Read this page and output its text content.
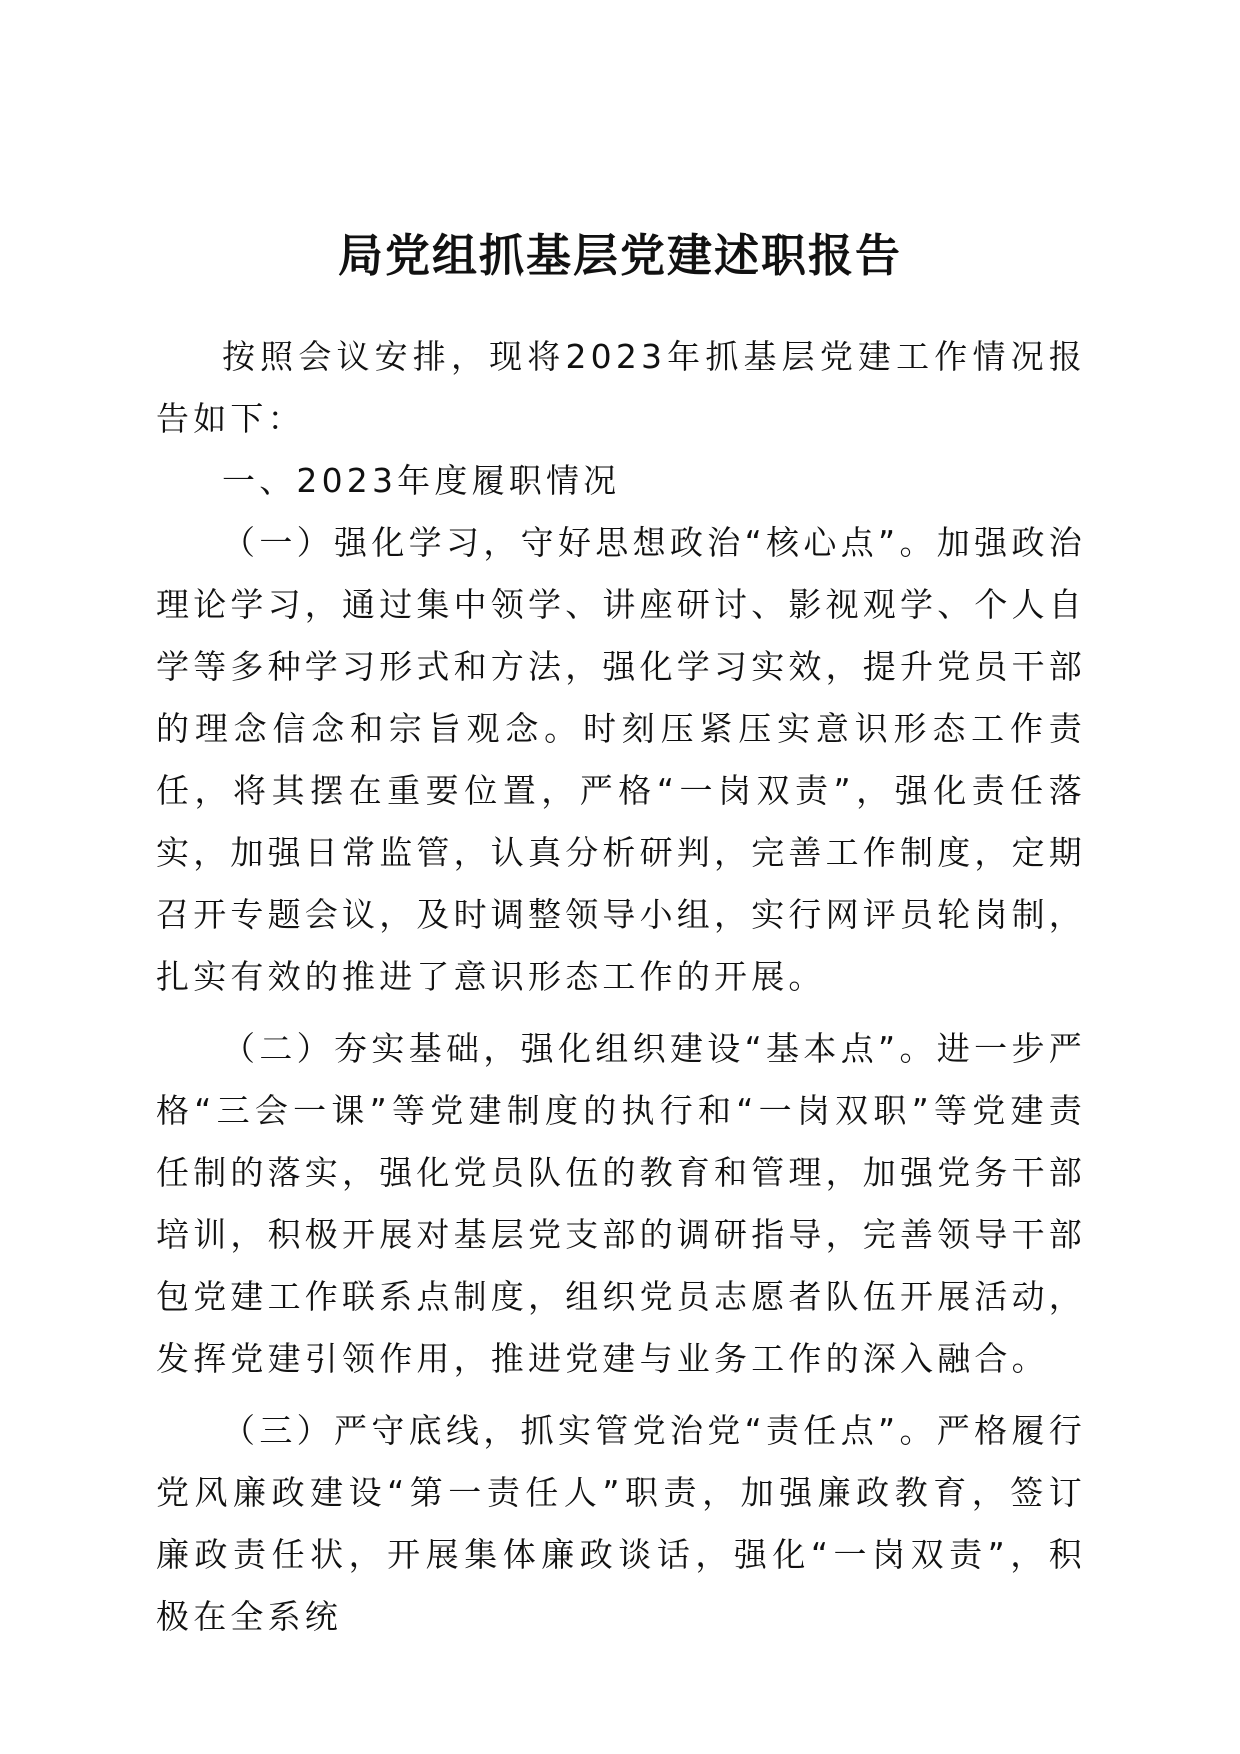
局党组抓基层党建述职报告

按照会议安排，现将2023年抓基层党建工作情况报告如下：

一、2023年度履职情况

（一）强化学习，守好思想政治“核心点”。加强政治理论学习，通过集中领学、讲座研讨、影视观学、个人自学等多种学习形式和方法，强化学习实效，提升党员干部的理念信念和宗旨观念。时刻压紧压实意识形态工作责任，将其摆在重要位置，严格“一岗双责”，强化责任落实，加强日常监管，认真分析研判，完善工作制度，定期召开专题会议，及时调整领导小组，实行网评员轮岗制，扎实有效的推进了意识形态工作的开展。

（二）夯实基础，强化组织建设“基本点”。进一步严格“三会一课”等党建制度的执行和“一岗双职”等党建责任制的落实，强化党员队伍的教育和管理，加强党务干部培训，积极开展对基层党支部的调研指导，完善领导干部包党建工作联系点制度，组织党员志愿者队伍开展活动，发挥党建引领作用，推进党建与业务工作的深入融合。

（三）严守底线，抓实管党治党“责任点”。严格履行党风廉政建设“第一责任人”职责，加强廉政教育，签订廉政责任状，开展集体廉政谈话，强化“一岗双责”，积极在全系统
